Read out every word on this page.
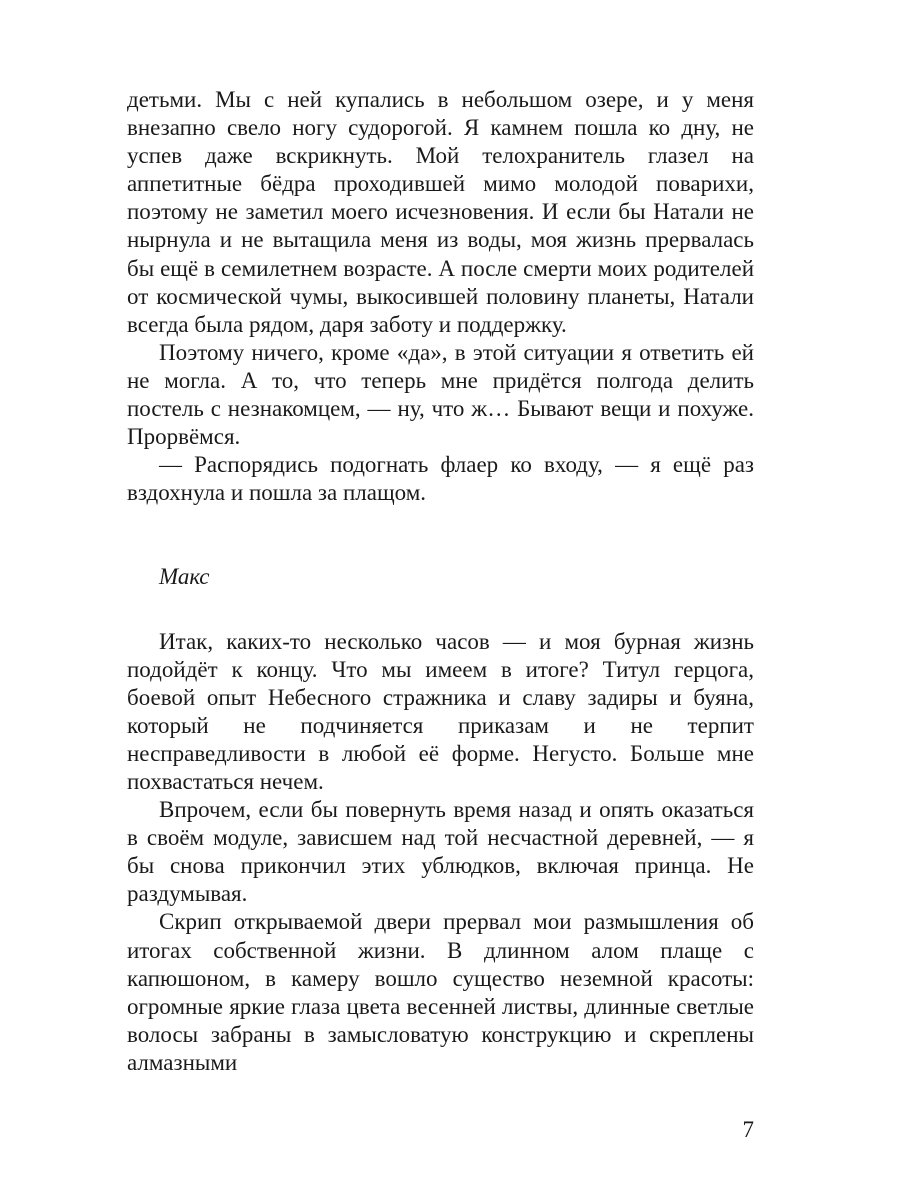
детьми. Мы с ней купались в небольшом озере, и у меня внезапно свело ногу судорогой. Я камнем пошла ко дну, не успев даже вскрикнуть. Мой телохранитель глазел на аппетитные бёдра проходившей мимо молодой поварихи, поэтому не заметил моего исчезновения. И если бы Натали не нырнула и не вытащила меня из воды, моя жизнь прервалась бы ещё в семилетнем возрасте. А после смерти моих родителей от космической чумы, выкосившей половину планеты, Натали всегда была рядом, даря заботу и поддержку.

Поэтому ничего, кроме «да», в этой ситуации я ответить ей не могла. А то, что теперь мне придётся полгода делить постель с незнакомцем, — ну, что ж… Бывают вещи и похуже. Прорвёмся.

— Распорядись подогнать флаер ко входу, — я ещё раз вздохнула и пошла за плащом.

Макс

Итак, каких-то несколько часов — и моя бурная жизнь подойдёт к концу. Что мы имеем в итоге? Титул герцога, боевой опыт Небесного стражника и славу задиры и буяна, который не подчиняется приказам и не терпит несправедливости в любой её форме. Негусто. Больше мне похвастаться нечем.

Впрочем, если бы повернуть время назад и опять оказаться в своём модуле, зависшем над той несчастной деревней, — я бы снова прикончил этих ублюдков, включая принца. Не раздумывая.

Скрип открываемой двери прервал мои размышления об итогах собственной жизни. В длинном алом плаще с капюшоном, в камеру вошло существо неземной красоты: огромные яркие глаза цвета весенней листвы, длинные светлые волосы забраны в замысловатую конструкцию и скреплены алмазными

7
